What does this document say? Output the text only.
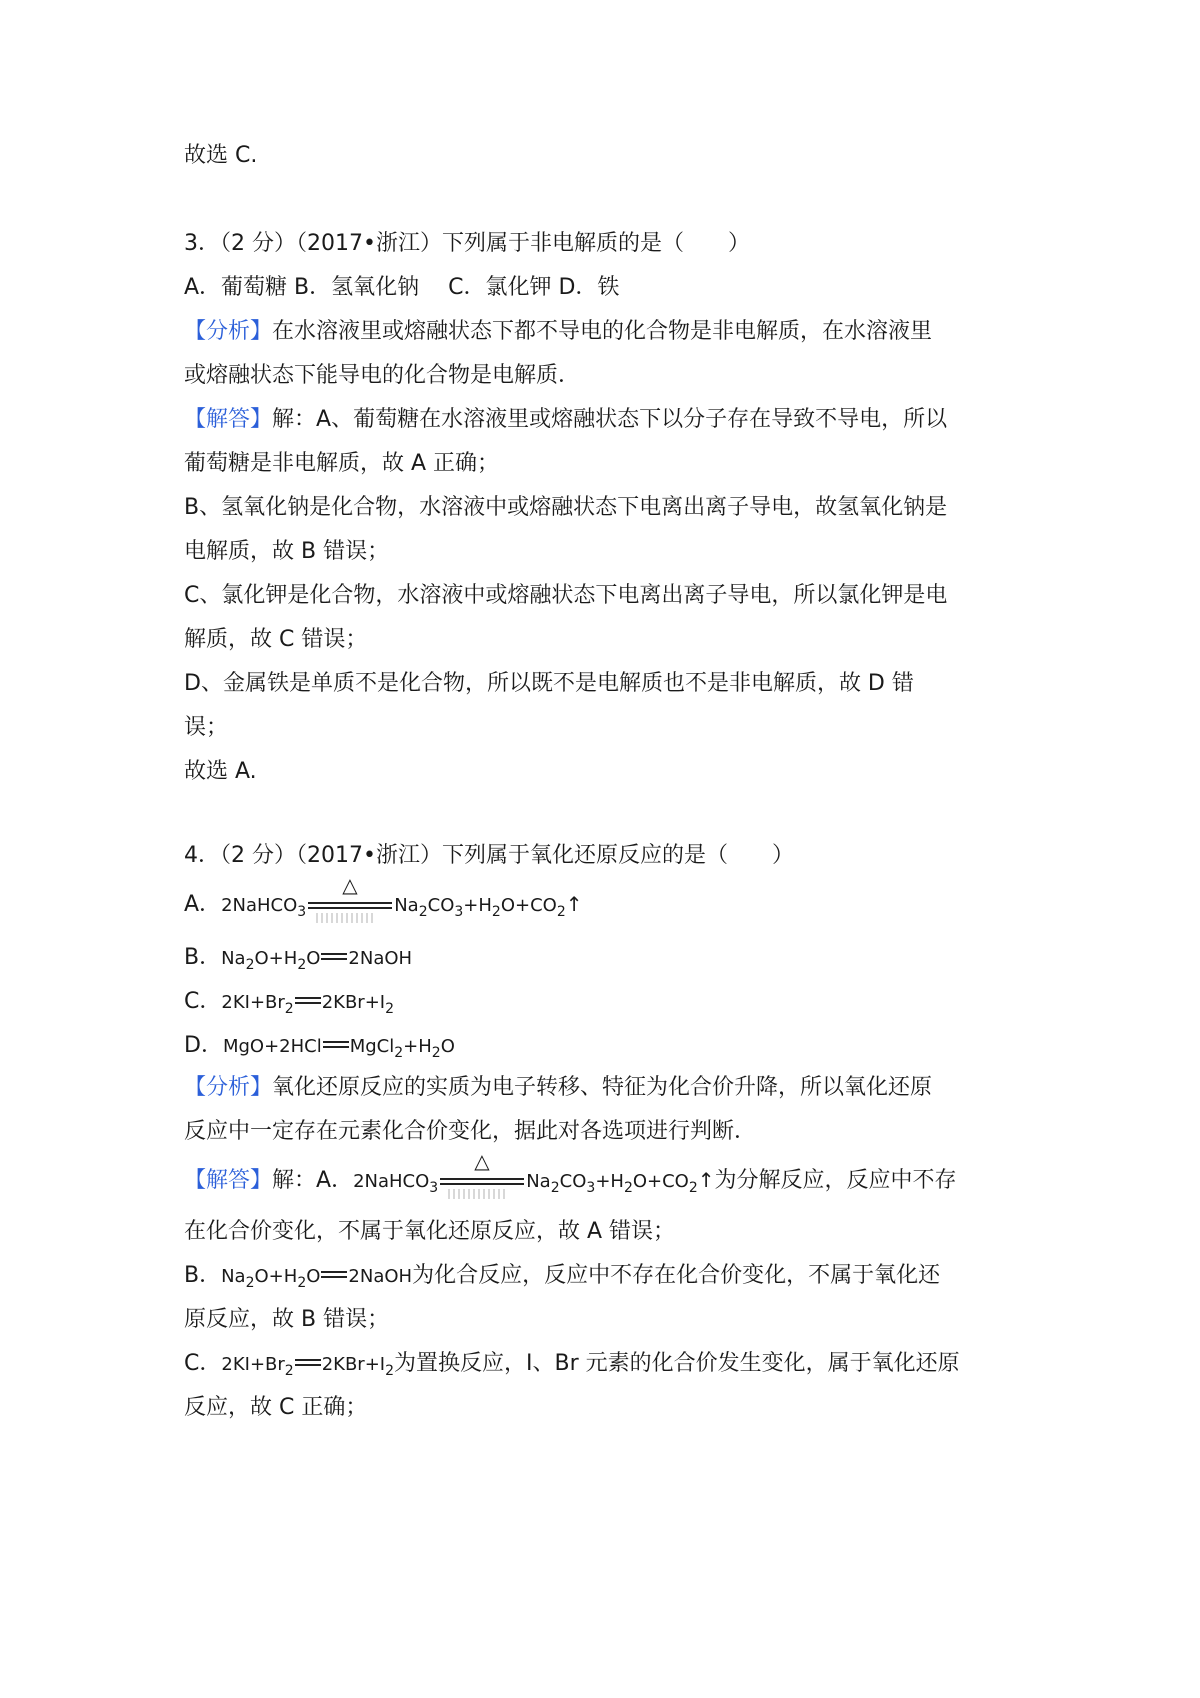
故选 C.
3．（2 分）（2017•浙江）下列属于非电解质的是（　　）
A．葡萄糖 B．氢氧化钠　 C．氯化钾 D．铁
【分析】在水溶液里或熔融状态下都不导电的化合物是非电解质，在水溶液里
或熔融状态下能导电的化合物是电解质．
【解答】解：A、葡萄糖在水溶液里或熔融状态下以分子存在导致不导电，所以
葡萄糖是非电解质，故 A 正确；
B、氢氧化钠是化合物，水溶液中或熔融状态下电离出离子导电，故氢氧化钠是
电解质，故 B 错误；
C、氯化钾是化合物，水溶液中或熔融状态下电离出离子导电，所以氯化钾是电
解质，故 C 错误；
D、金属铁是单质不是化合物，所以既不是电解质也不是非电解质，故 D 错
误；
故选 A.
4．（2 分）（2017•浙江）下列属于氧化还原反应的是（　　）
A．2NaHCO$_3$
△
$Na_2CO_3+H_2O+CO_2↑$
B．$Na_2O+H_2O$ 2NaOH
C．$2KI+Br_2$ $2KBr+I_2$
D．MgO+2HCl $MgCl_2+H_2O$
【分析】氧化还原反应的实质为电子转移、特征为化合价升降，所以氧化还原
反应中一定存在元素化合价变化，据此对各选项进行判断．
【解答】解：A．2NaHCO$_3$
△
$Na_2CO_3+H_2O+CO_2↑$为分解反应，反应中不存
在化合价变化，不属于氧化还原反应，故 A 错误；
B．$Na_2O+H_2O$ 2NaOH为化合反应，反应中不存在化合价变化，不属于氧化还
原反应，故 B 错误；
C．$2KI+Br_2$ $2KBr+I_2$为置换反应，I、Br 元素的化合价发生变化，属于氧化还原
反应，故 C 正确；
